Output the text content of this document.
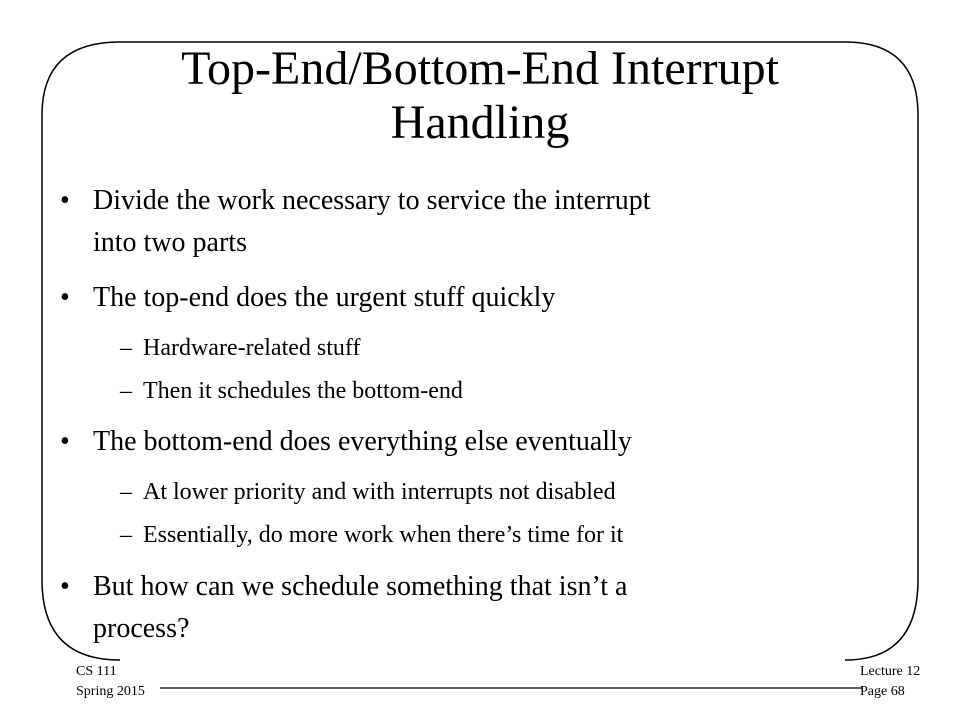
Top-End/Bottom-End Interrupt
Handling
• Divide the work necessary to service the interrupt
into two parts
• The top-end does the urgent stuff quickly
– Hardware-related stuff
– Then it schedules the bottom-end
• The bottom-end does everything else eventually
– At lower priority and with interrupts not disabled
– Essentially, do more work when there’s time for it
• But how can we schedule something that isn’t a
process?
CS 111
Spring 2015
Lecture 12
Page 68
